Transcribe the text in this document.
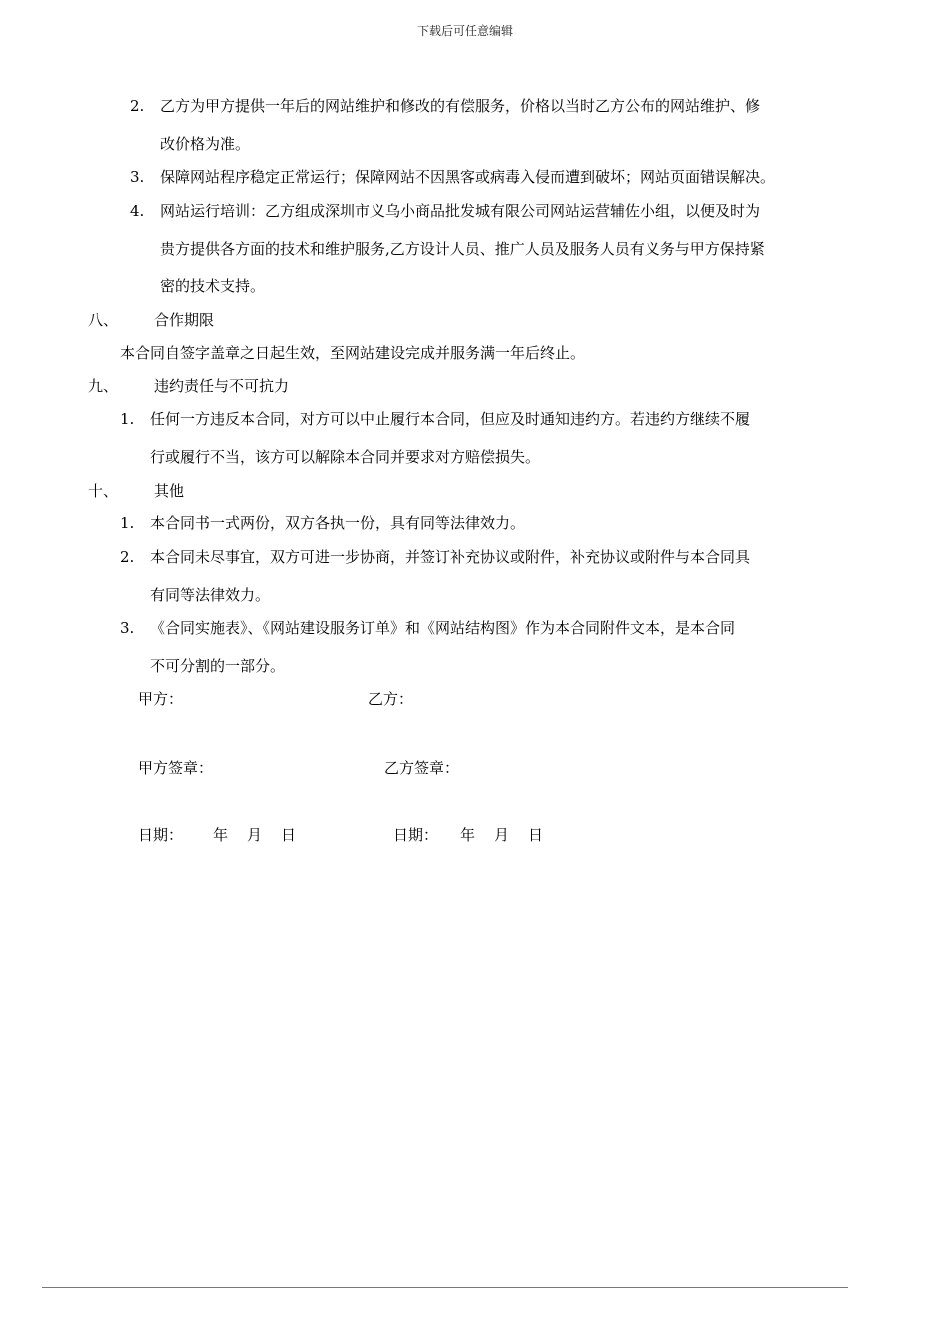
下载后可任意编辑
2. 乙方为甲方提供一年后的网站维护和修改的有偿服务，价格以当时乙方公布的网站维护、修
改价格为准。
3. 保障网站程序稳定正常运行；保障网站不因黑客或病毒入侵而遭到破坏；网站页面错误解决。
4. 网站运行培训：乙方组成深圳市义乌小商品批发城有限公司网站运营辅佐小组，以便及时为
贵方提供各方面的技术和维护服务,乙方设计人员、推广人员及服务人员有义务与甲方保持紧
密的技术支持。
八、 合作期限
本合同自签字盖章之日起生效，至网站建设完成并服务满一年后终止。
九、 违约责任与不可抗力
1. 任何一方违反本合同，对方可以中止履行本合同，但应及时通知违约方。若违约方继续不履
行或履行不当，该方可以解除本合同并要求对方赔偿损失。
十、 其他
1. 本合同书一式两份，双方各执一份，具有同等法律效力。
2. 本合同未尽事宜，双方可进一步协商，并签订补充协议或附件，补充协议或附件与本合同具
有同等法律效力。
3. 《合同实施表》、《网站建设服务订单》和《网站结构图》作为本合同附件文本，是本合同
不可分割的一部分。
甲方：	乙方：
甲方签章：	乙方签章：
日期： 年 月 日	日期： 年 月 日
